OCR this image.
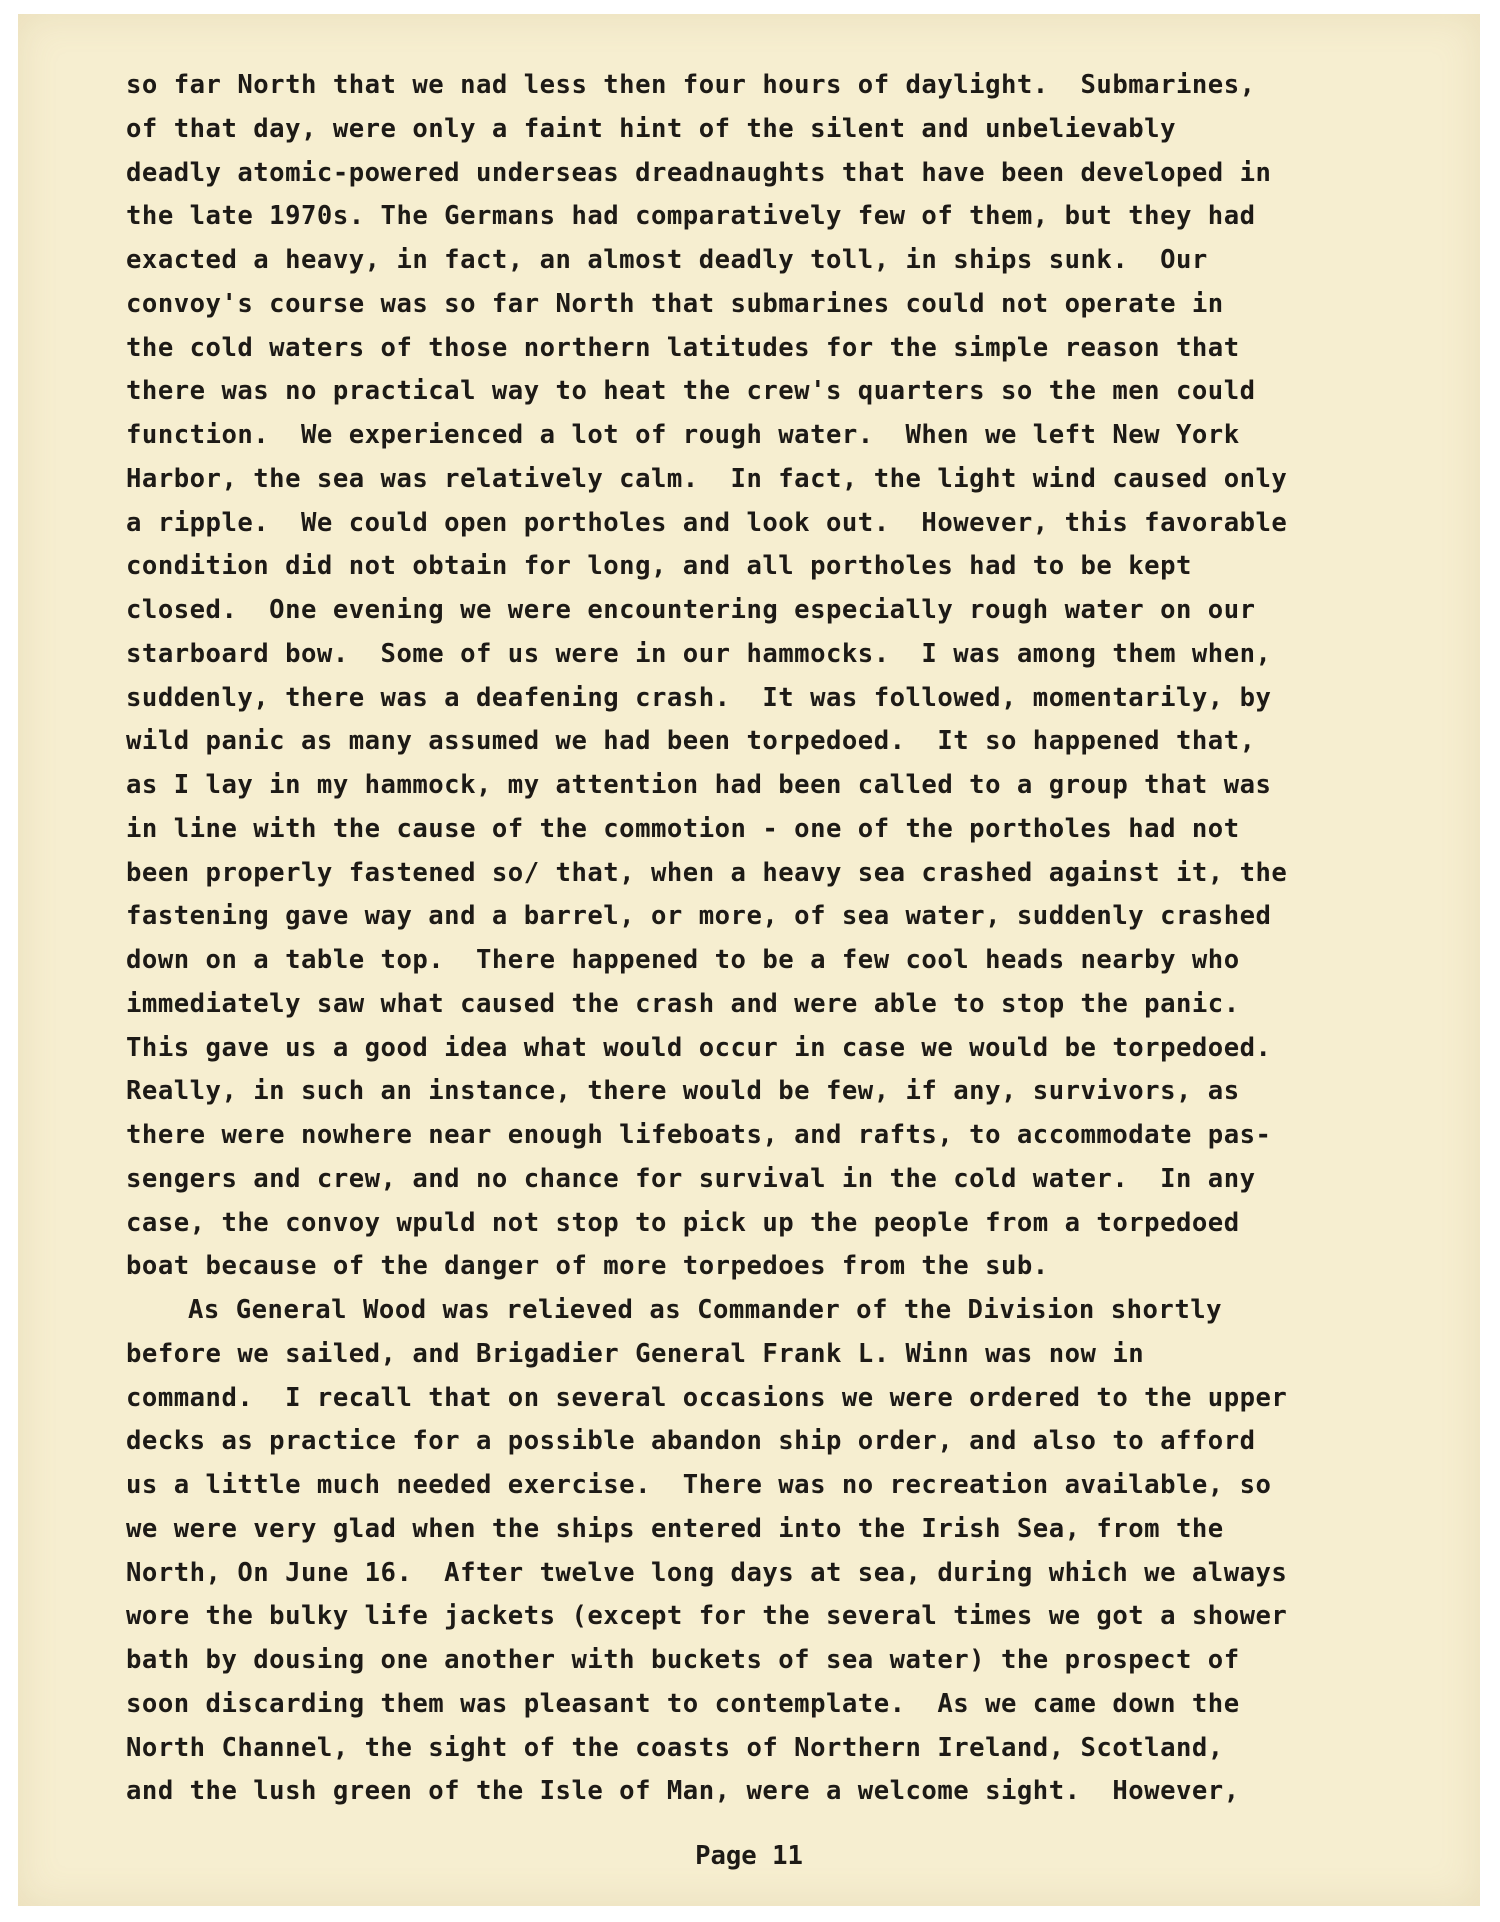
so far North that we nad less then four hours of daylight.  Submarines,
of that day, were only a faint hint of the silent and unbelievably
deadly atomic-powered underseas dreadnaughts that have been developed in
the late 1970s. The Germans had comparatively few of them, but they had
exacted a heavy, in fact, an almost deadly toll, in ships sunk.  Our
convoy's course was so far North that submarines could not operate in
the cold waters of those northern latitudes for the simple reason that
there was no practical way to heat the crew's quarters so the men could
function.  We experienced a lot of rough water.  When we left New York
Harbor, the sea was relatively calm.  In fact, the light wind caused only
a ripple.  We could open portholes and look out.  However, this favorable
condition did not obtain for long, and all portholes had to be kept
closed.  One evening we were encountering especially rough water on our
starboard bow.  Some of us were in our hammocks.  I was among them when,
suddenly, there was a deafening crash.  It was followed, momentarily, by
wild panic as many assumed we had been torpedoed.  It so happened that,
as I lay in my hammock, my attention had been called to a group that was
in line with the cause of the commotion - one of the portholes had not
been properly fastened so/ that, when a heavy sea crashed against it, the
fastening gave way and a barrel, or more, of sea water, suddenly crashed
down on a table top.  There happened to be a few cool heads nearby who
immediately saw what caused the crash and were able to stop the panic.
This gave us a good idea what would occur in case we would be torpedoed.
Really, in such an instance, there would be few, if any, survivors, as
there were nowhere near enough lifeboats, and rafts, to accommodate pas-
sengers and crew, and no chance for survival in the cold water.  In any
case, the convoy wpuld not stop to pick up the people from a torpedoed
boat because of the danger of more torpedoes from the sub.
As General Wood was relieved as Commander of the Division shortly
before we sailed, and Brigadier General Frank L. Winn was now in
command.  I recall that on several occasions we were ordered to the upper
decks as practice for a possible abandon ship order, and also to afford
us a little much needed exercise.  There was no recreation available, so
we were very glad when the ships entered into the Irish Sea, from the
North, On June 16.  After twelve long days at sea, during which we always
wore the bulky life jackets (except for the several times we got a shower
bath by dousing one another with buckets of sea water) the prospect of
soon discarding them was pleasant to contemplate.  As we came down the
North Channel, the sight of the coasts of Northern Ireland, Scotland,
and the lush green of the Isle of Man, were a welcome sight.  However,
Page 11
